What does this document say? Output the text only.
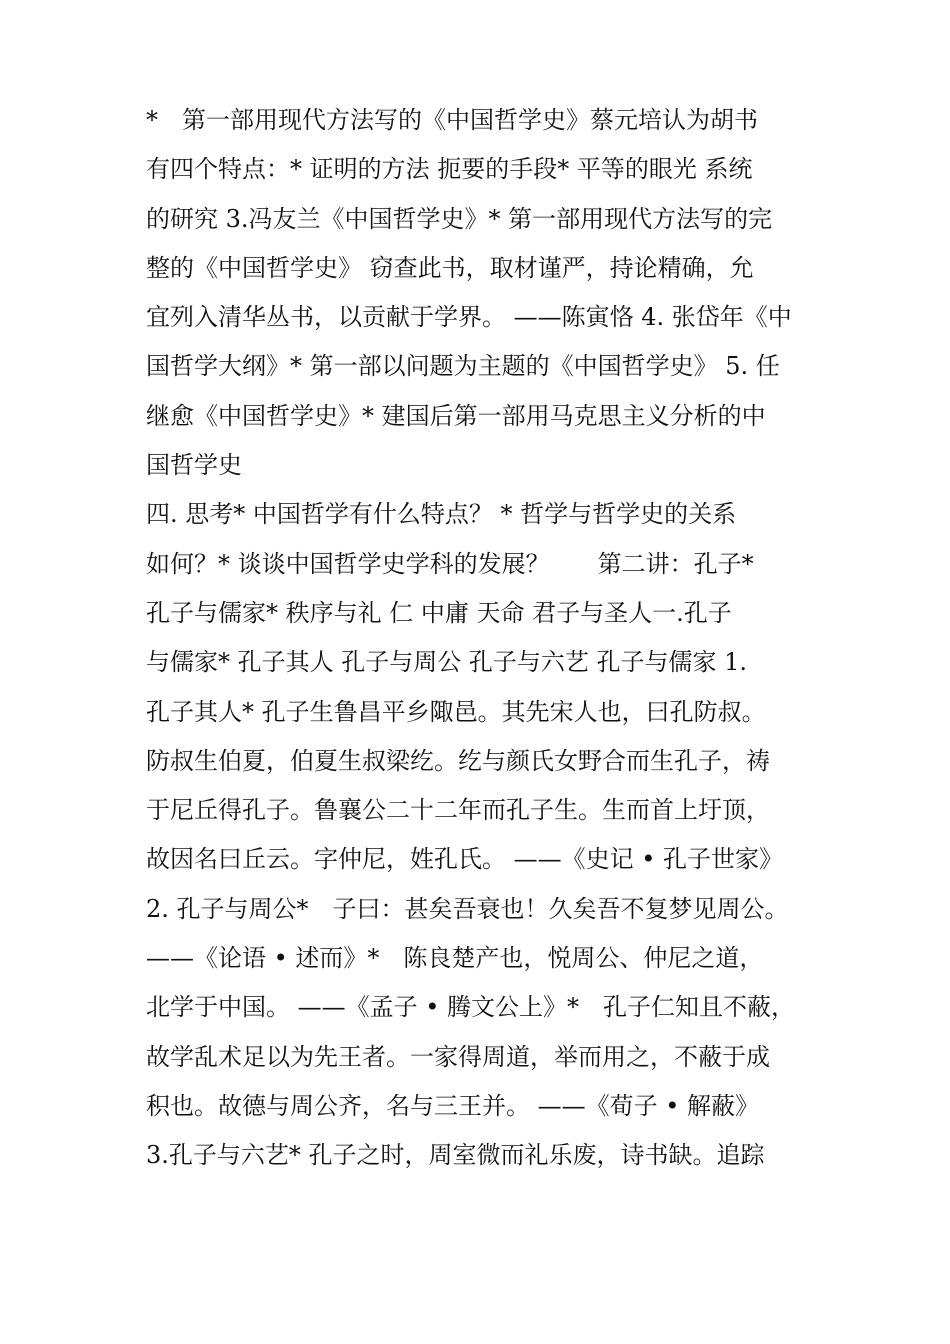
*　第一部用现代方法写的《中国哲学史》蔡元培认为胡书
有四个特点：* 证明的方法 扼要的手段* 平等的眼光 系统
的研究 3.冯友兰《中国哲学史》* 第一部用现代方法写的完
整的《中国哲学史》 窃查此书，取材谨严，持论精确，允
宜列入清华丛书，以贡献于学界。 ——陈寅恪 4. 张岱年《中
国哲学大纲》* 第一部以问题为主题的《中国哲学史》 5. 任
继愈《中国哲学史》* 建国后第一部用马克思主义分析的中
国哲学史
四. 思考* 中国哲学有什么特点？ * 哲学与哲学史的关系
如何？* 谈谈中国哲学史学科的发展？　　第二讲：孔子*
孔子与儒家* 秩序与礼 仁 中庸 天命 君子与圣人一.孔子
与儒家* 孔子其人 孔子与周公 孔子与六艺 孔子与儒家 1.
孔子其人* 孔子生鲁昌平乡陬邑。其先宋人也，曰孔防叔。
防叔生伯夏，伯夏生叔梁纥。纥与颜氏女野合而生孔子，祷
于尼丘得孔子。鲁襄公二十二年而孔子生。生而首上圩顶，
故因名曰丘云。字仲尼，姓孔氏。 ——《史记 • 孔子世家》
2. 孔子与周公*　子曰：甚矣吾衰也！久矣吾不复梦见周公。
——《论语 • 述而》*　陈良楚产也，悦周公、仲尼之道，
北学于中国。 ——《孟子 • 腾文公上》*　孔子仁知且不蔽，
故学乱术足以为先王者。一家得周道，举而用之，不蔽于成
积也。故德与周公齐，名与三王并。 ——《荀子 • 解蔽》
3.孔子与六艺* 孔子之时，周室微而礼乐废，诗书缺。追踪
